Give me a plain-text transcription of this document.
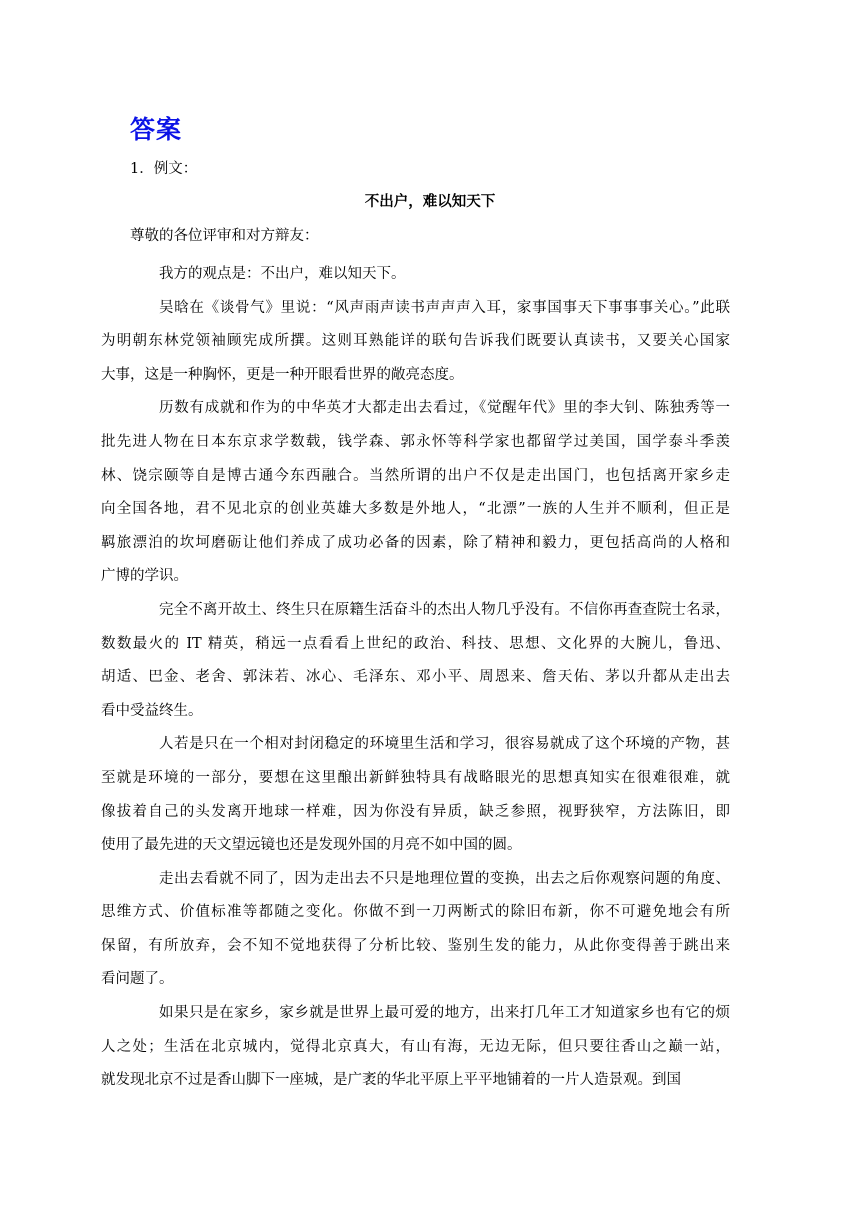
答案
1．例文：
不出户，难以知天下
尊敬的各位评审和对方辩友：

我方的观点是：不出户，难以知天下。

吴晗在《谈骨气》里说：“风声雨声读书声声声入耳，家事国事天下事事事关心。”此联
为明朝东林党领袖顾宪成所撰。这则耳熟能详的联句告诉我们既要认真读书，又要关心国家
大事，这是一种胸怀，更是一种开眼看世界的敞亮态度。

历数有成就和作为的中华英才大都走出去看过，《觉醒年代》里的李大钊、陈独秀等一
批先进人物在日本东京求学数载，钱学森、郭永怀等科学家也都留学过美国，国学泰斗季羡
林、饶宗颐等自是博古通今东西融合。当然所谓的出户不仅是走出国门，也包括离开家乡走
向全国各地，君不见北京的创业英雄大多数是外地人，“北漂”一族的人生并不顺利，但正是
羁旅漂泊的坎坷磨砺让他们养成了成功必备的因素，除了精神和毅力，更包括高尚的人格和
广博的学识。

完全不离开故土、终生只在原籍生活奋斗的杰出人物几乎没有。不信你再查查院士名录，
数数最火的 IT 精英，稍远一点看看上世纪的政治、科技、思想、文化界的大腕儿，鲁迅、
胡适、巴金、老舍、郭沫若、冰心、毛泽东、邓小平、周恩来、詹天佑、茅以升都从走出去
看中受益终生。

人若是只在一个相对封闭稳定的环境里生活和学习，很容易就成了这个环境的产物，甚
至就是环境的一部分，要想在这里酿出新鲜独特具有战略眼光的思想真知实在很难很难，就
像拔着自己的头发离开地球一样难，因为你没有异质，缺乏参照，视野狭窄，方法陈旧，即
使用了最先进的天文望远镜也还是发现外国的月亮不如中国的圆。

走出去看就不同了，因为走出去不只是地理位置的变换，出去之后你观察问题的角度、
思维方式、价值标准等都随之变化。你做不到一刀两断式的除旧布新，你不可避免地会有所
保留，有所放弃，会不知不觉地获得了分析比较、鉴别生发的能力，从此你变得善于跳出来
看问题了。

如果只是在家乡，家乡就是世界上最可爱的地方，出来打几年工才知道家乡也有它的烦
人之处；生活在北京城内，觉得北京真大，有山有海，无边无际，但只要往香山之巅一站，
就发现北京不过是香山脚下一座城，是广袤的华北平原上平平地铺着的一片人造景观。到国
